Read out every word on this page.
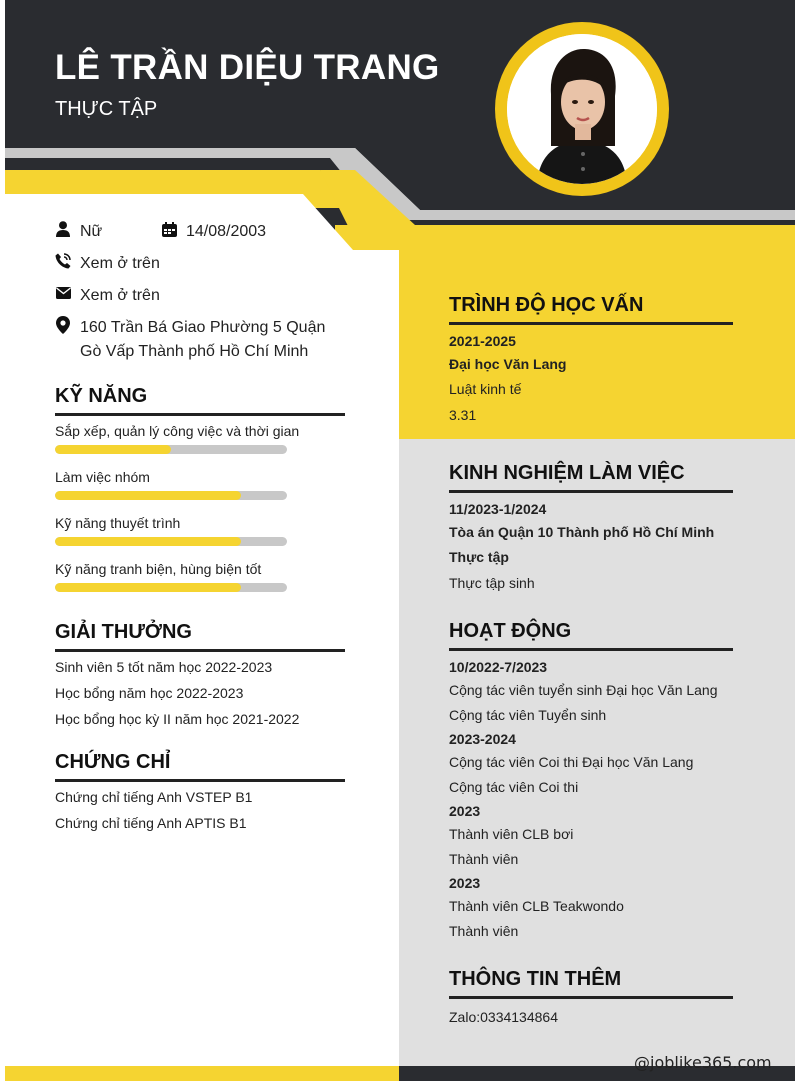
LÊ TRẦN DIỆU TRANG
THỰC TẬP
Nữ	14/08/2003
Xem ở trên
Xem ở trên
160 Trần Bá Giao Phường 5 Quận
Gò Vấp Thành phố Hồ Chí Minh
KỸ NĂNG
Sắp xếp, quản lý công việc và thời gian
Làm việc nhóm
Kỹ năng thuyết trình
Kỹ năng tranh biện, hùng biện tốt
GIẢI THƯỞNG
Sinh viên 5 tốt năm học 2022-2023
Học bổng năm học 2022-2023
Học bổng học kỳ II năm học 2021-2022
CHỨNG CHỈ
Chứng chỉ tiếng Anh VSTEP B1
Chứng chỉ tiếng Anh APTIS B1
TRÌNH ĐỘ HỌC VẤN
2021-2025
Đại học Văn Lang
Luật kinh tế
3.31
KINH NGHIỆM LÀM VIỆC
11/2023-1/2024
Tòa án Quận 10 Thành phố Hồ Chí Minh
Thực tập
Thực tập sinh
HOẠT ĐỘNG
10/2022-7/2023
Cộng tác viên tuyển sinh Đại học Văn Lang
Cộng tác viên Tuyển sinh
2023-2024
Cộng tác viên Coi thi Đại học Văn Lang
Cộng tác viên Coi thi
2023
Thành viên CLB bơi
Thành viên
2023
Thành viên CLB Teakwondo
Thành viên
THÔNG TIN THÊM
Zalo:0334134864
@joblike365.com
